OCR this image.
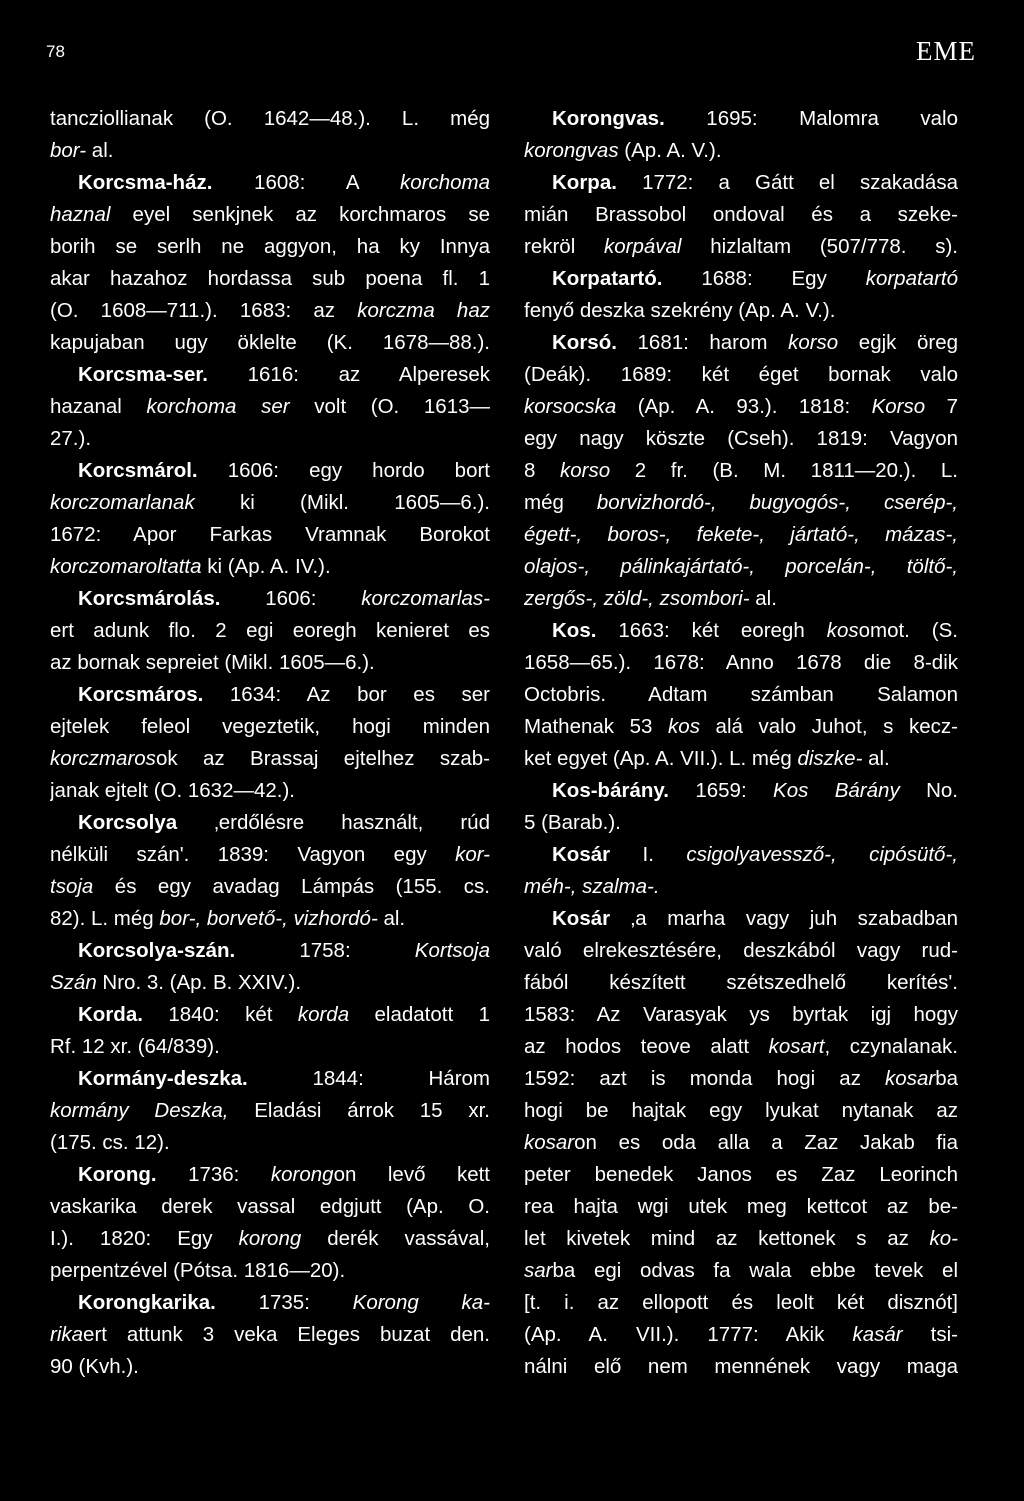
78	EME
tancziollianak (O. 1642—48.). L. még
bor- al.
Korcsma-ház. 1608: A korchoma
haznal eyel senkjnek az korchmaros se
borih se serlh ne aggyon, ha ky Innya
akar hazahoz hordassa sub poena fl. 1
(O. 1608—711.). 1683: az korczma haz
kapujaban ugy öklelte (K. 1678—88.).
Korcsma-ser. 1616: az Alperesek
hazanal korchoma ser volt (O. 1613—
27.).
Korcsmárol. 1606: egy hordo bort
korczomarlanak ki (Mikl. 1605—6.).
1672: Apor Farkas Vramnak Borokot
korczomaroltatta ki (Ap. A. IV.).
Korcsmárolás. 1606: korczomarlas-
ert adunk flo. 2 egi eoregh kenieret es
az bornak sepreiet (Mikl. 1605—6.).
Korcsmáros. 1634: Az bor es ser
ejtelek feleol vegeztetik, hogi minden
korczmarosok az Brassaj ejtelhez szab-
janak ejtelt (O. 1632—42.).
Korcsolya ‚erdőlésre használt, rúd
nélküli szán'. 1839: Vagyon egy kor-
tsoja és egy avadag Lámpás (155. cs.
82). L. még bor-, borvető-, vizhordó- al.
Korcsolya-szán. 1758: Kortsoja
Szán Nro. 3. (Ap. B. XXIV.).
Korda. 1840: két korda eladatott 1
Rf. 12 xr. (64/839).
Kormány-deszka. 1844: Három
kormány Deszka, Eladási árrok 15 xr.
(175. cs. 12).
Korong. 1736: korongon levő kett
vaskarika derek vassal edgjutt (Ap. O.
I.). 1820: Egy korong derék vassával,
perpentzével (Pótsa. 1816—20).
Korongkarika. 1735: Korong ka-
rikaert attunk 3 veka Eleges buzat den.
90 (Kvh.).
Korongvas. 1695: Malomra valo
korongvas (Ap. A. V.).
Korpa. 1772: a Gátt el szakadása
mián Brassobol ondoval és a szeke-
rekröl korpával hizlaltam (507/778. s).
Korpatartó. 1688: Egy korpatartó
fenyő deszka szekrény (Ap. A. V.).
Korsó. 1681: harom korso egjk öreg
(Deák). 1689: két éget bornak valo
korsocska (Ap. A. 93.). 1818: Korso 7
egy nagy köszte (Cseh). 1819: Vagyon
8 korso 2 fr. (B. M. 1811—20.). L.
még borvizhordó-, bugyogós-, cserép-,
égett-, boros-, fekete-, jártató-, mázas-,
olajos-, pálinkajártató-, porcelán-, töltő-,
zergős-, zöld-, zsombori- al.
Kos. 1663: két eoregh kosomot. (S.
1658—65.). 1678: Anno 1678 die 8-dik
Octobris. Adtam számban Salamon
Mathenak 53 kos alá valo Juhot, s kecz-
ket egyet (Ap. A. VII.). L. még diszke- al.
Kos-bárány. 1659: Kos Bárány No.
5 (Barab.).
Kosár I. csigolyavessző-, cipósütő-,
méh-, szalma-.
Kosár ‚a marha vagy juh szabadban
való elrekesztésére, deszkából vagy rud-
fából készített szétszedhelő kerítés'.
1583: Az Varasyak ys byrtak igj hogy
az hodos teove alatt kosart, czynalanak.
1592: azt is monda hogi az kosarba
hogi be hajtak egy lyukat nytanak az
kosaron es oda alla a Zaz Jakab fia
peter benedek Janos es Zaz Leorinch
rea hajta wgi utek meg kettcot az be-
let kivetek mind az kettonek s az ko-
sarba egi odvas fa wala ebbe tevek el
[t. i. az ellopott és leolt két disznót]
(Ap. A. VII.). 1777: Akik kasár tsi-
nálni elő nem mennének vagy maga
